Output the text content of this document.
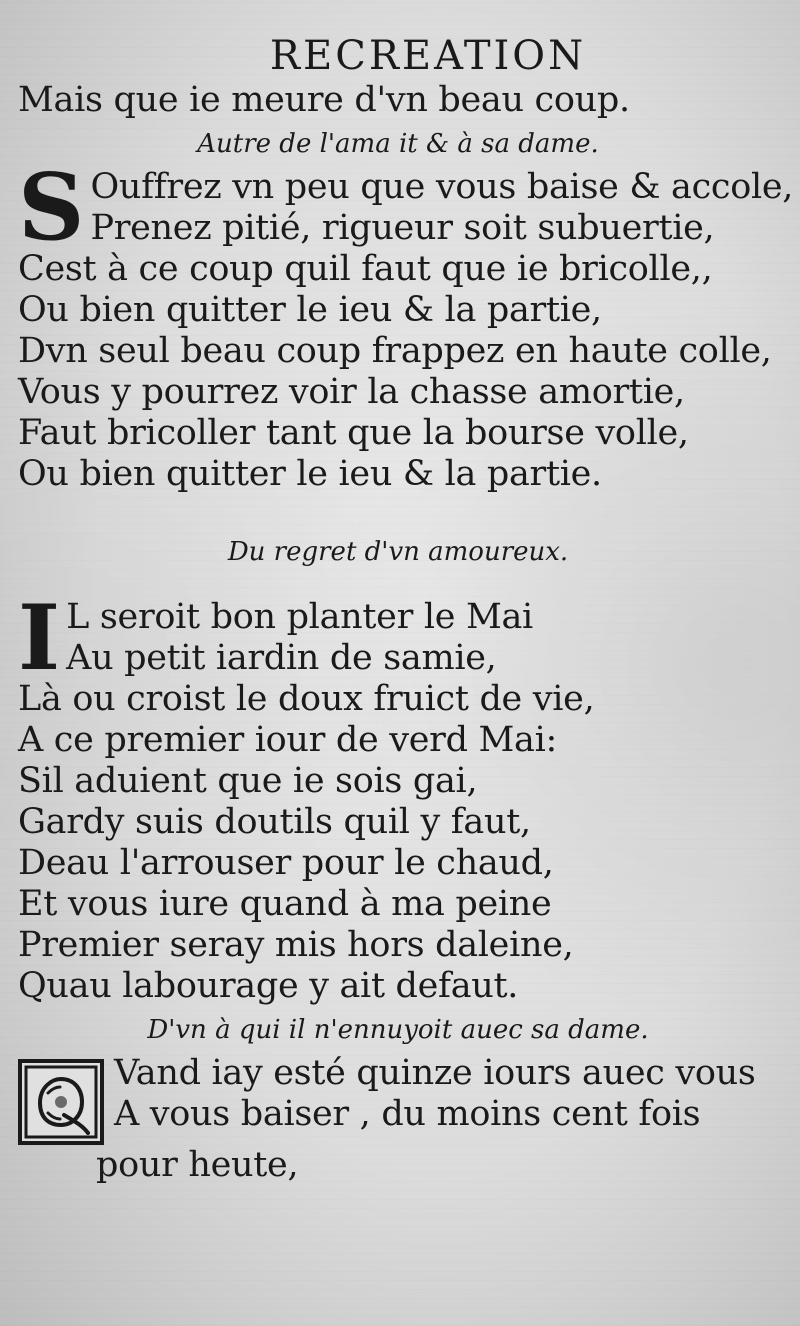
RECREATION
Mais que ie meure d'vn beau coup.
Autre de l'ama it & à sa dame.
S Ouffrez vn peu que vous baise & accole,
Prenez pitié, rigueur soit subuertie,
Cest à ce coup quil faut que ie bricolle,,
Ou bien quitter le ieu & la partie,
Dvn seul beau coup frappez en haute colle,
Vous y pourrez voir la chasse amortie,
Faut bricoller tant que la bourse volle,
Ou bien quitter le ieu & la partie.
Du regret d'vn amoureux.
I L seroit bon planter le Mai
Au petit iardin de samie,
Là ou croist le doux fruict de vie,
A ce premier iour de verd Mai:
Sil aduient que ie sois gai,
Gardy suis doutils quil y faut,
Deau l'arrouser pour le chaud,
Et vous iure quand à ma peine
Premier seray mis hors daleine,
Quau labourage y ait defaut.
D'vn à qui il n'ennuyoit auec sa dame.
Vand iay esté quinze iours auec vous
A vous baiser , du moins cent fois
pour heute,
